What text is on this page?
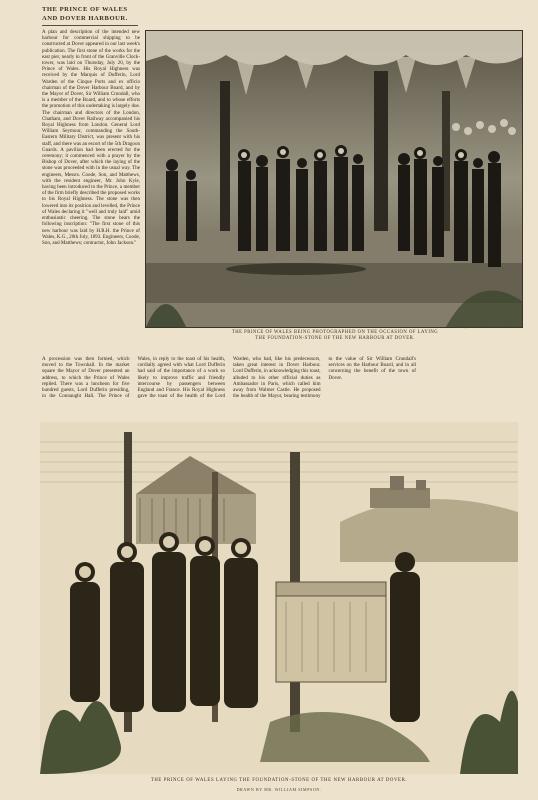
THE PRINCE OF WALES
AND DOVER HARBOUR.
A plan and description of the intended new harbour for commercial shipping to be constructed at Dover appeared in our last week's publication. The first stone of the works for the east pier, nearly in front of the Granville Clock-tower, was laid on Thursday, July 20, by the Prince of Wales. His Royal Highness was received by the Marquis of Dufferin, Lord Warden of the Cinque Ports and ex officio chairman of the Dover Harbour Board, and by the Mayor of Dover, Sir William Crundall, who is a member of the Board, and to whose efforts the promotion of this undertaking is largely due. The chairman and directors of the London, Chatham, and Dover Railway accompanied his Royal Highness from London. General Lord William Seymour, commanding the South-Eastern Military District, was present with his staff, and there was an escort of the 5th Dragoon Guards. A pavilion had been erected for the ceremony; it commenced with a prayer by the Bishop of Dover, after which the laying of the stone was proceeded with in the usual way. The engineers, Messrs. Coode, Son, and Matthews, with the resident engineer, Mr. John Kyle, having been introduced to the Prince, a member of the firm briefly described the proposed works to his Royal Highness. The stone was then lowered into its position and levelled, the Prince of Wales declaring it "well and truly laid" amid enthusiastic cheering. The stone bears the following inscription: "The first stone of this new harbour was laid by H.R.H. the Prince of Wales, K.G., 20th July, 1893. Engineers, Coode, Son, and Matthews; contractor, John Jackson."
Photo by Lambert Weston and Son, Folkestone.
THE PRINCE OF WALES BEING PHOTOGRAPHED ON THE OCCASION OF LAYING
THE FOUNDATION-STONE OF THE NEW HARBOUR AT DOVER.
A procession was then formed, which moved to the Townhall. In the market square the Mayor of Dover presented an address, to which the Prince of Wales replied. There was a luncheon for five hundred guests, Lord Dufferin presiding, in the Connaught Hall. The Prince of Wales, in reply to the toast of his health, cordially agreed with what Lord Dufferin had said of the importance of a work so likely to improve traffic and friendly intercourse by passengers between England and France. His Royal Highness gave the toast of the health of the Lord Warden, who had, like his predecessors, taken great interest in Dover Harbour. Lord Dufferin, in acknowledging this toast, alluded to his other official duties as Ambassador in Paris, which called him away from Walmer Castle. He proposed the health of the Mayor, bearing testimony to the value of Sir William Crundall's services on the Harbour Board, and in all concerning the benefit of the town of Dover.
THE PRINCE OF WALES LAYING THE FOUNDATION-STONE OF THE NEW HARBOUR AT DOVER.
DRAWN BY MR. WILLIAM SIMPSON.
